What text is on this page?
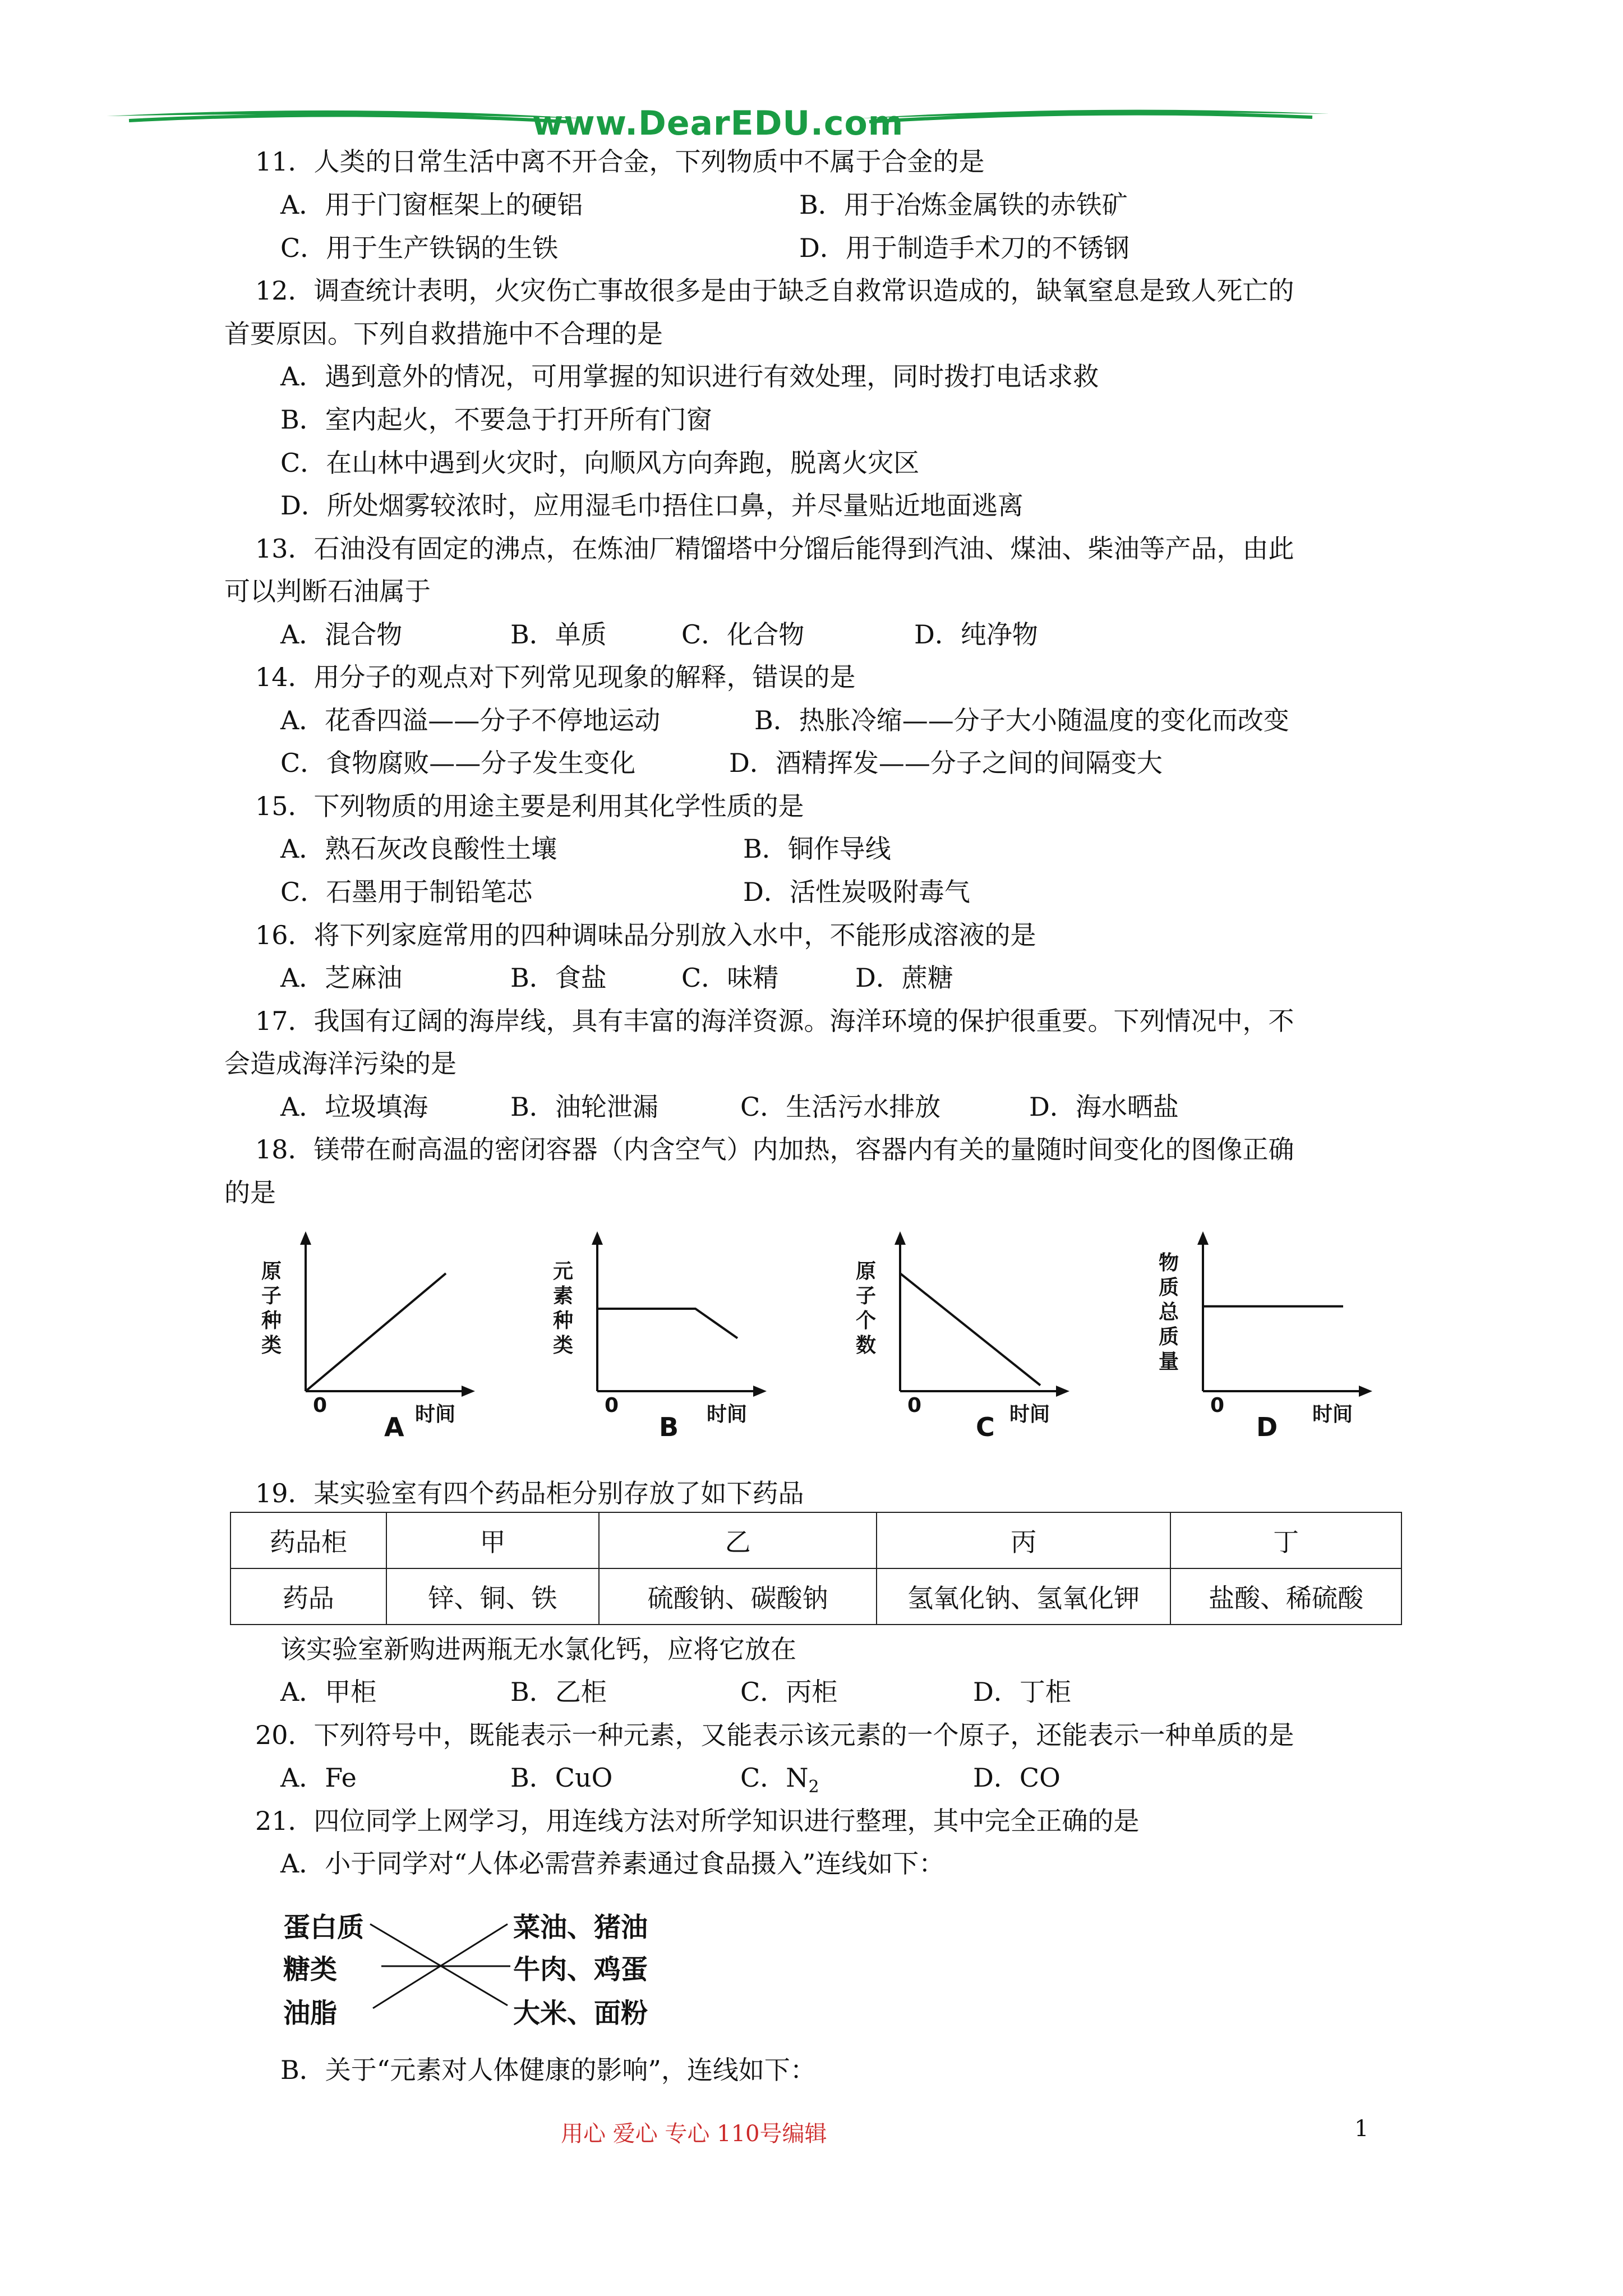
www.DearEDU.com
11．人类的日常生活中离不开合金，下列物质中不属于合金的是
A．用于门窗框架上的硬铝	B．用于冶炼金属铁的赤铁矿
C．用于生产铁锅的生铁	D．用于制造手术刀的不锈钢
12．调查统计表明，火灾伤亡事故很多是由于缺乏自救常识造成的，缺氧窒息是致人死亡的
首要原因。下列自救措施中不合理的是
A．遇到意外的情况，可用掌握的知识进行有效处理，同时拨打电话求救
B．室内起火，不要急于打开所有门窗
C．在山林中遇到火灾时，向顺风方向奔跑，脱离火灾区
D．所处烟雾较浓时，应用湿毛巾捂住口鼻，并尽量贴近地面逃离
13．石油没有固定的沸点，在炼油厂精馏塔中分馏后能得到汽油、煤油、柴油等产品，由此
可以判断石油属于
A．混合物	B．单质	C．化合物	D．纯净物
14．用分子的观点对下列常见现象的解释，错误的是
A．花香四溢——分子不停地运动	B．热胀冷缩——分子大小随温度的变化而改变
C．食物腐败——分子发生变化	D．酒精挥发——分子之间的间隔变大
15．下列物质的用途主要是利用其化学性质的是
A．熟石灰改良酸性土壤	B．铜作导线
C．石墨用于制铅笔芯	D．活性炭吸附毒气
16．将下列家庭常用的四种调味品分别放入水中，不能形成溶液的是
A．芝麻油	B．食盐	C．味精	D．蔗糖
17．我国有辽阔的海岸线，具有丰富的海洋资源。海洋环境的保护很重要。下列情况中，不
会造成海洋污染的是
A．垃圾填海	B．油轮泄漏	C．生活污水排放	D．海水晒盐
18．镁带在耐高温的密闭容器（内含空气）内加热，容器内有关的量随时间变化的图像正确
的是
原子种类
0	时间
A
元素种类
0	时间
B
原子个数
0	时间
C
物质总质量
0	时间
D
19．某实验室有四个药品柜分别存放了如下药品
药品柜	甲	乙	丙	丁
药品	锌、铜、铁	硫酸钠、碳酸钠	氢氧化钠、氢氧化钾	盐酸、稀硫酸
该实验室新购进两瓶无水氯化钙，应将它放在
A．甲柜	B．乙柜	C．丙柜	D．丁柜
20．下列符号中，既能表示一种元素，又能表示该元素的一个原子，还能表示一种单质的是
A．Fe	B．CuO	C．$N_2$	D．CO
21．四位同学上网学习，用连线方法对所学知识进行整理，其中完全正确的是
A．小于同学对“人体必需营养素通过食品摄入”连线如下：
蛋白质
糖类
油脂
菜油、猪油
牛肉、鸡蛋
大米、面粉
B．关于“元素对人体健康的影响”，连线如下：
用心 爱心 专心 110号编辑	1
